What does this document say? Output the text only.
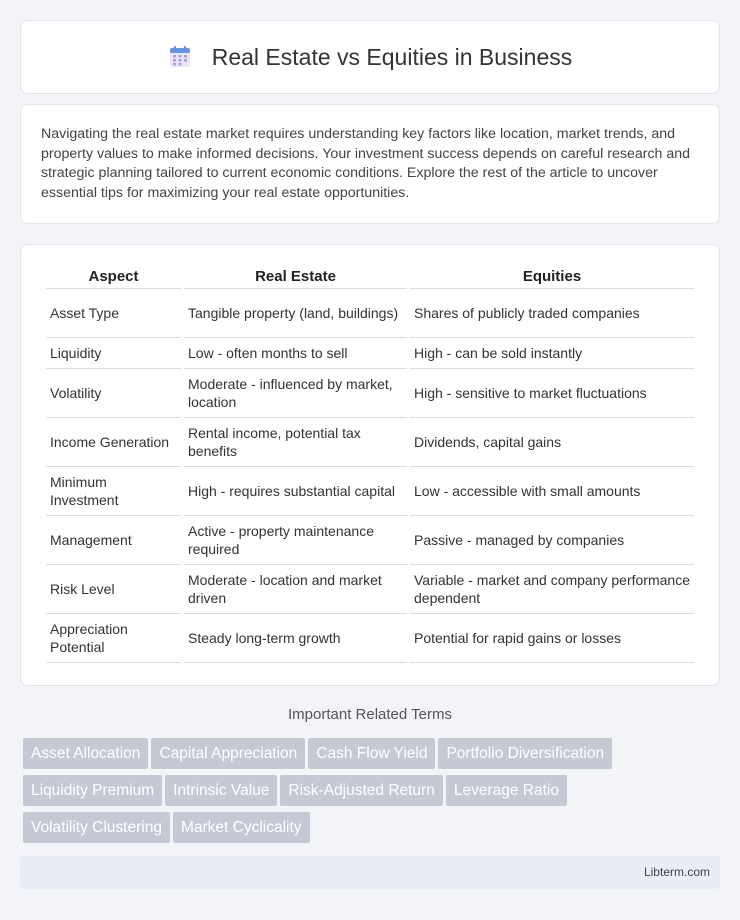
Real Estate vs Equities in Business

Navigating the real estate market requires understanding key factors like location, market trends, and property values to make informed decisions. Your investment success depends on careful research and strategic planning tailored to current economic conditions. Explore the rest of the article to uncover essential tips for maximizing your real estate opportunities.

Aspect	Real Estate	Equities
Asset Type	Tangible property (land, buildings)	Shares of publicly traded companies
Liquidity	Low - often months to sell	High - can be sold instantly
Volatility	Moderate - influenced by market, location	High - sensitive to market fluctuations
Income Generation	Rental income, potential tax benefits	Dividends, capital gains
Minimum Investment	High - requires substantial capital	Low - accessible with small amounts
Management	Active - property maintenance required	Passive - managed by companies
Risk Level	Moderate - location and market driven	Variable - market and company performance dependent
Appreciation Potential	Steady long-term growth	Potential for rapid gains or losses
Important Related Terms
Asset Allocation	Capital Appreciation	Cash Flow Yield	Portfolio Diversification
Liquidity Premium	Intrinsic Value	Risk-Adjusted Return	Leverage Ratio
Volatility Clustering	Market Cyclicality
Libterm.com
